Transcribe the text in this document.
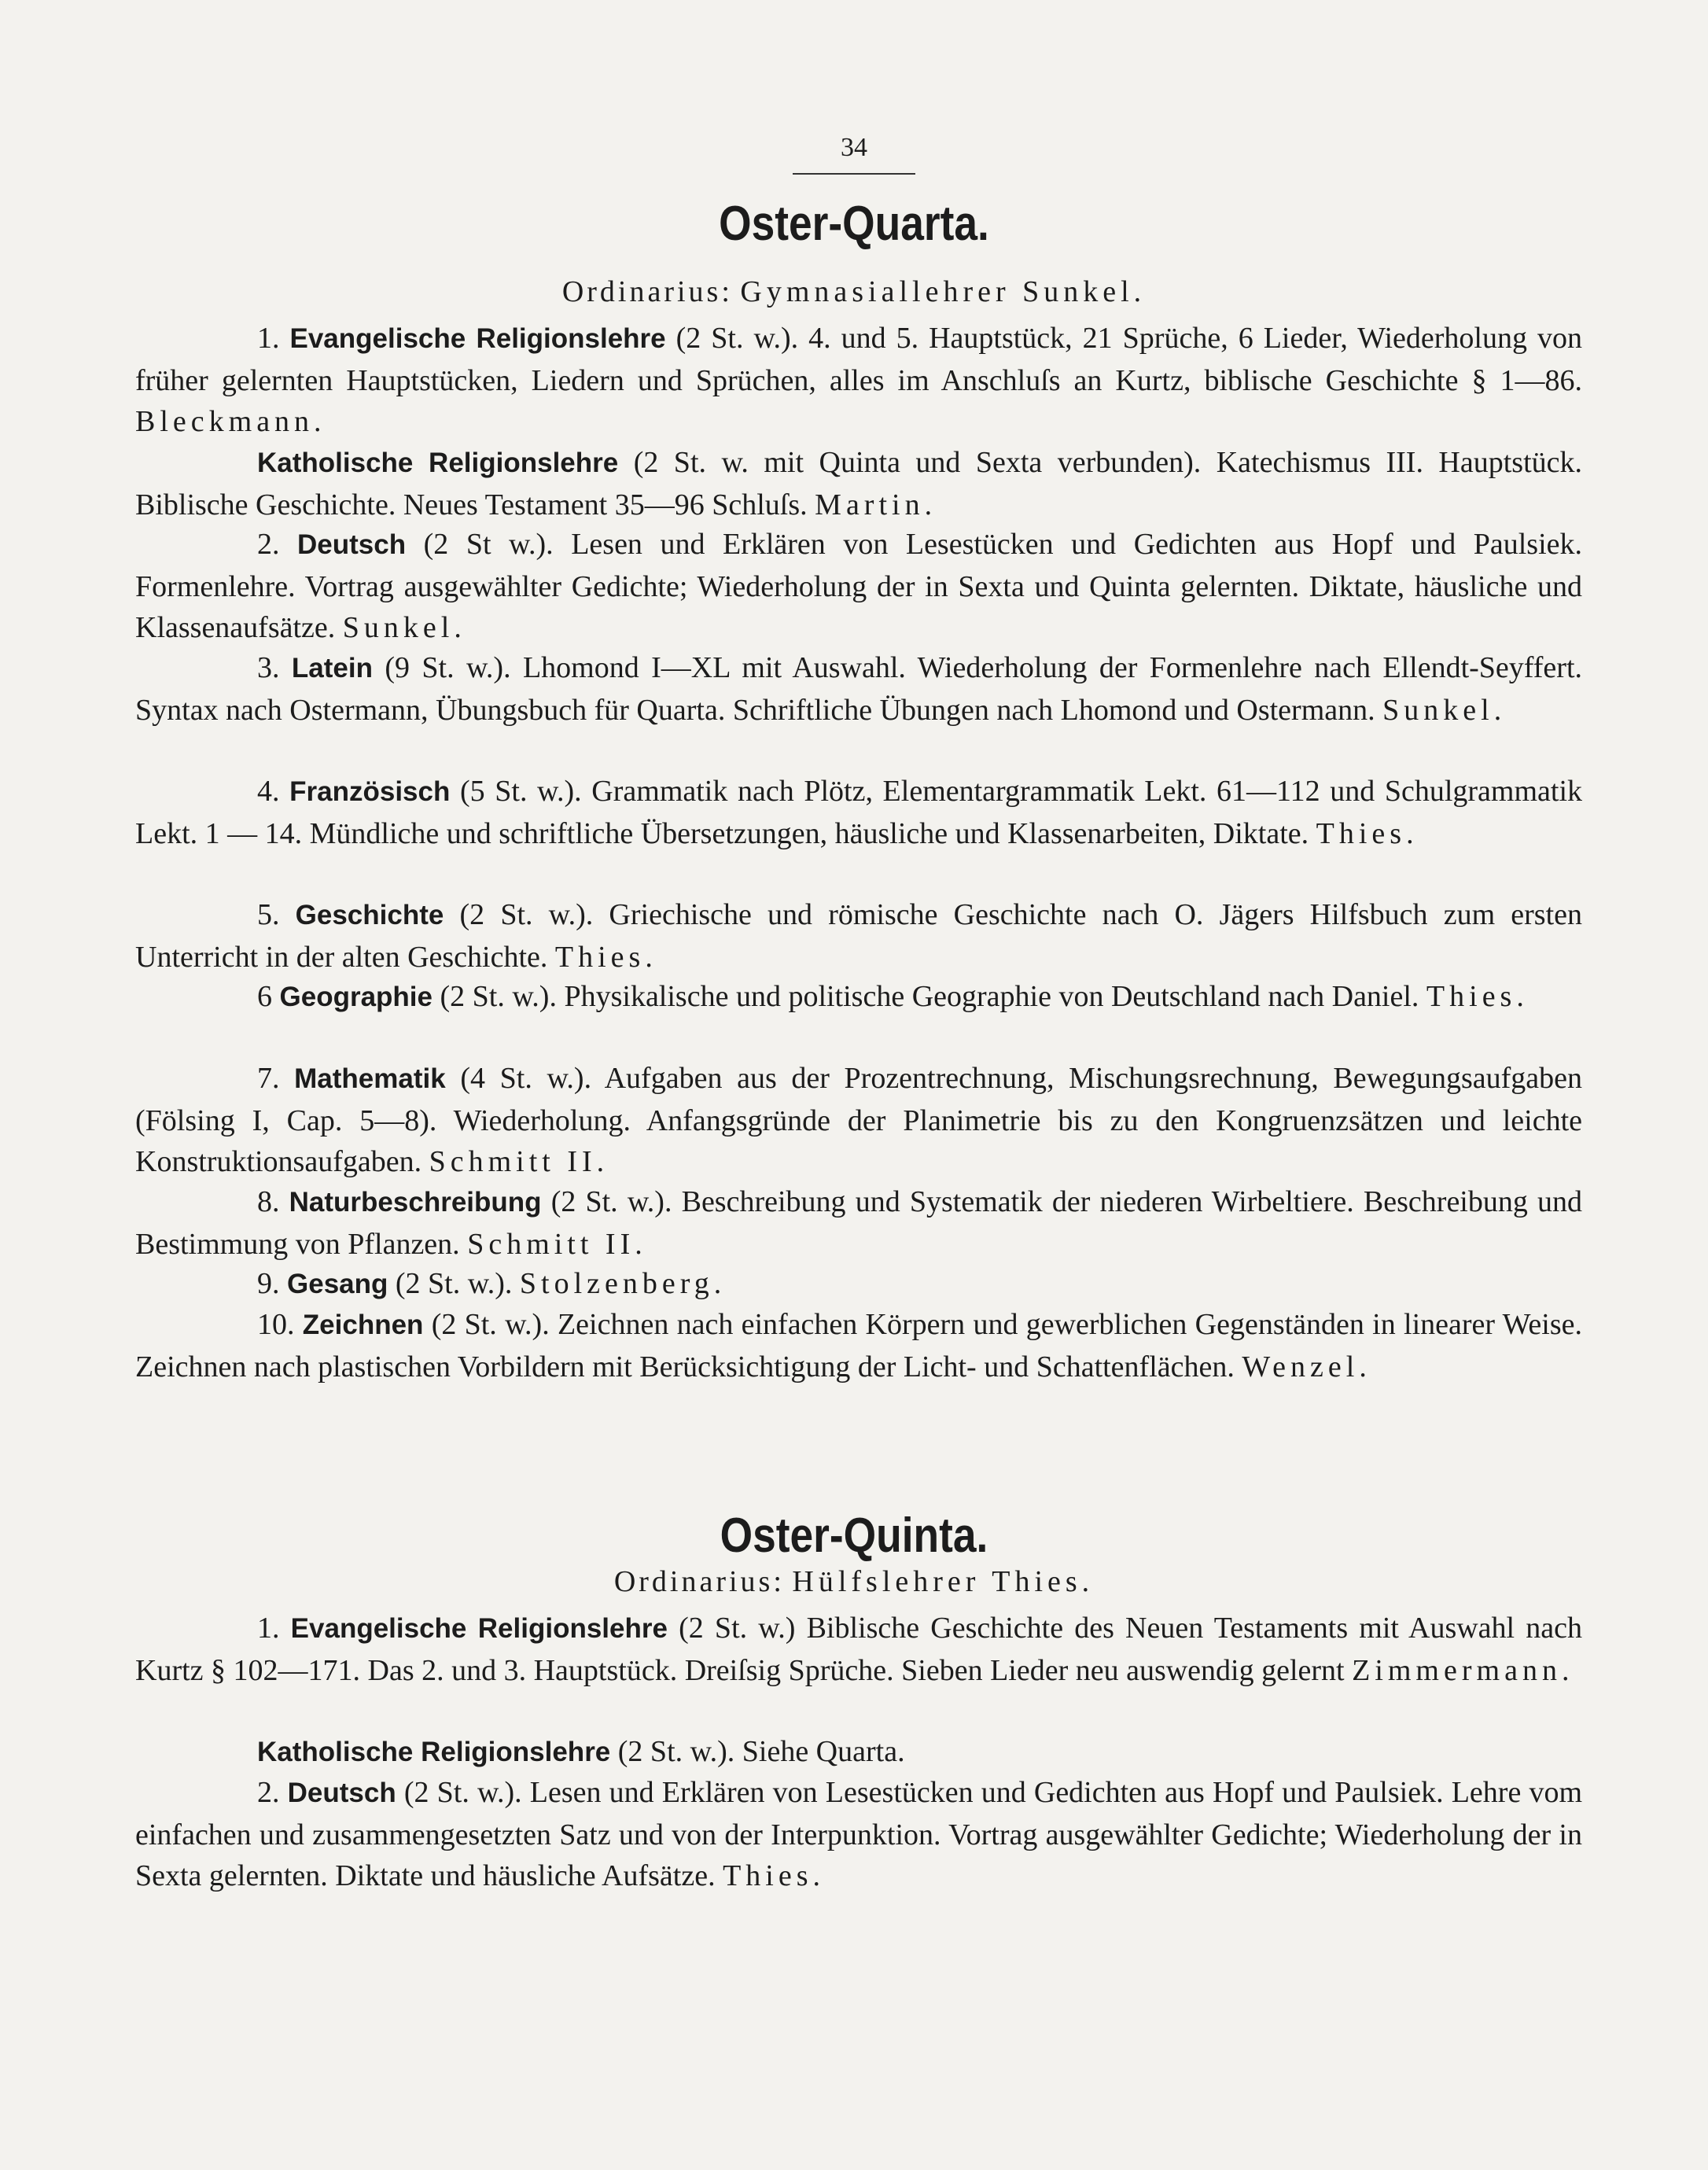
34
Oster-Quarta.
Ordinarius: Gymnasiallehrer Sunkel.
1. Evangelische Religionslehre (2 St. w.). 4. und 5. Hauptstück, 21 Sprüche, 6 Lieder, Wiederholung von früher gelernten Hauptstücken, Liedern und Sprüchen, alles im Anschluſs an Kurtz, biblische Geschichte § 1—86. Bleckmann.
Katholische Religionslehre (2 St. w. mit Quinta und Sexta verbunden). Katechismus III. Hauptstück. Biblische Geschichte. Neues Testament 35—96 Schluſs. Martin.
2. Deutsch (2 St w.). Lesen und Erklären von Lesestücken und Gedichten aus Hopf und Paulsiek. Formenlehre. Vortrag ausgewählter Gedichte; Wiederholung der in Sexta und Quinta gelernten. Diktate, häusliche und Klassenaufsätze. Sunkel.
3. Latein (9 St. w.). Lhomond I—XL mit Auswahl. Wiederholung der Formenlehre nach Ellendt-Seyffert. Syntax nach Ostermann, Übungsbuch für Quarta. Schriftliche Übungen nach Lhomond und Ostermann. Sunkel.
4. Französisch (5 St. w.). Grammatik nach Plötz, Elementargrammatik Lekt. 61—112 und Schulgrammatik Lekt. 1 — 14. Mündliche und schriftliche Übersetzungen, häusliche und Klassenarbeiten, Diktate. Thies.
5. Geschichte (2 St. w.). Griechische und römische Geschichte nach O. Jägers Hilfsbuch zum ersten Unterricht in der alten Geschichte. Thies.
6 Geographie (2 St. w.). Physikalische und politische Geographie von Deutschland nach Daniel. Thies.
7. Mathematik (4 St. w.). Aufgaben aus der Prozentrechnung, Mischungsrechnung, Bewegungsaufgaben (Fölsing I, Cap. 5—8). Wiederholung. Anfangsgründe der Planimetrie bis zu den Kongruenzsätzen und leichte Konstruktionsaufgaben. Schmitt II.
8. Naturbeschreibung (2 St. w.). Beschreibung und Systematik der niederen Wirbeltiere. Beschreibung und Bestimmung von Pflanzen. Schmitt II.
9. Gesang (2 St. w.). Stolzenberg.
10. Zeichnen (2 St. w.). Zeichnen nach einfachen Körpern und gewerblichen Gegenständen in linearer Weise. Zeichnen nach plastischen Vorbildern mit Berücksichtigung der Licht- und Schattenflächen. Wenzel.
Oster-Quinta.
Ordinarius: Hülfslehrer Thies.
1. Evangelische Religionslehre (2 St. w.) Biblische Geschichte des Neuen Testaments mit Auswahl nach Kurtz § 102—171. Das 2. und 3. Hauptstück. Dreiſsig Sprüche. Sieben Lieder neu auswendig gelernt Zimmermann.
Katholische Religionslehre (2 St. w.). Siehe Quarta.
2. Deutsch (2 St. w.). Lesen und Erklären von Lesestücken und Gedichten aus Hopf und Paulsiek. Lehre vom einfachen und zusammengesetzten Satz und von der Interpunktion. Vortrag ausgewählter Gedichte; Wiederholung der in Sexta gelernten. Diktate und häusliche Aufsätze. Thies.
